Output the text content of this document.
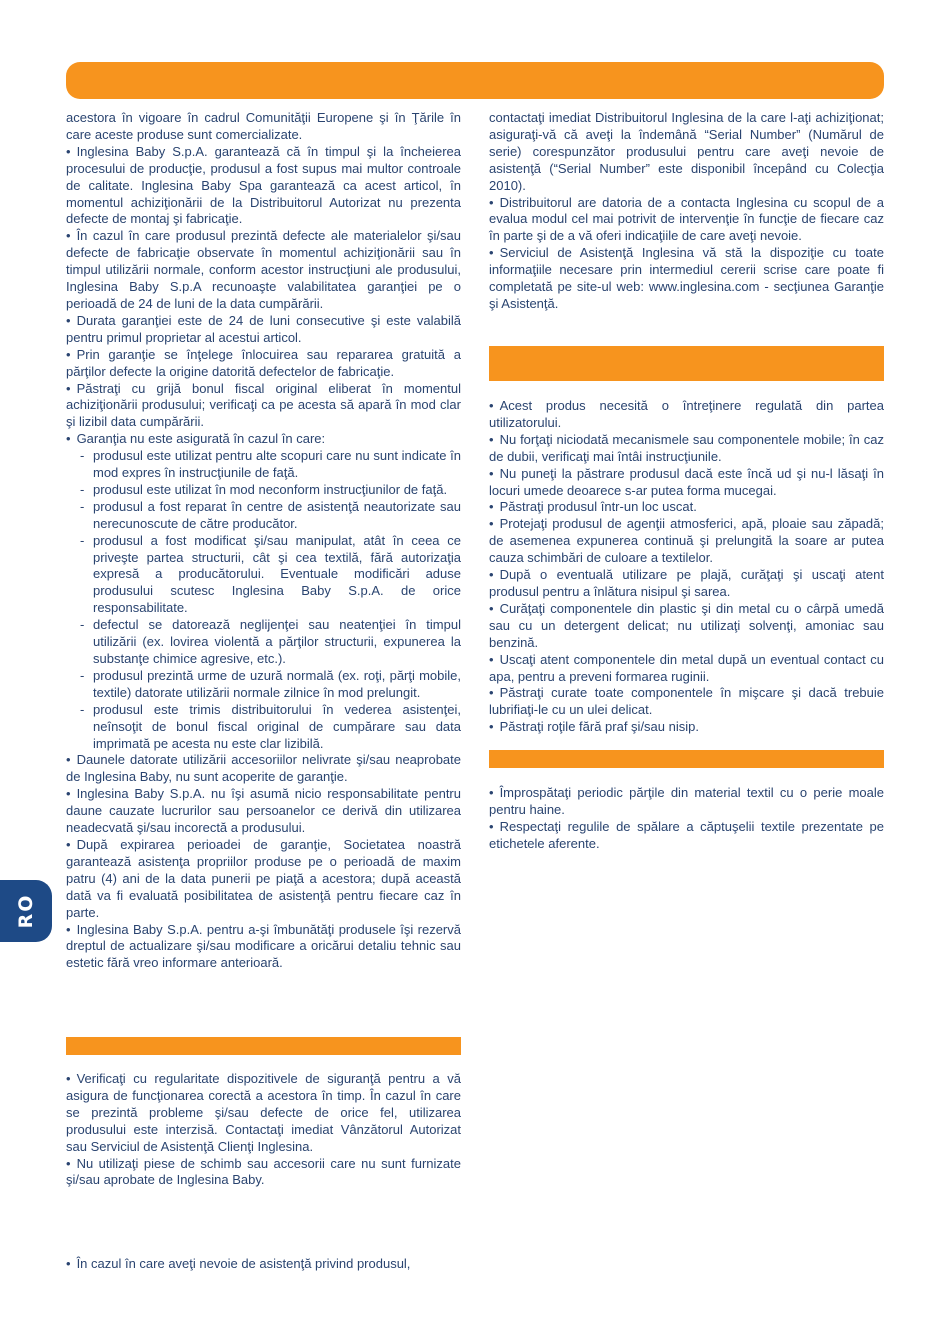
RO

acestora în vigoare în cadrul Comunităţii Europene şi în Ţările în care aceste produse sunt comercializate.

• Inglesina Baby S.p.A. garantează că în timpul şi la încheierea procesului de producţie, produsul a fost supus mai multor controale de calitate. Inglesina Baby Spa garantează ca acest articol, în momentul achiziţionării de la Distribuitorul Autorizat nu prezenta defecte de montaj şi fabricaţie.

• În cazul în care produsul prezintă defecte ale materialelor şi/sau defecte de fabricaţie observate în momentul achiziţionării sau în timpul utilizării normale, conform acestor instrucţiuni ale produsului, Inglesina Baby S.p.A recunoaşte valabilitatea garanţiei pe o perioadă de 24 de luni de la data cumpărării.

• Durata garanţiei este de 24 de luni consecutive şi este valabilă pentru primul proprietar al acestui articol.

• Prin garanţie se înţelege înlocuirea sau repararea gratuită a părţilor defecte la origine datorită defectelor de fabricaţie.

• Păstraţi cu grijă bonul fiscal original eliberat în momentul achiziţionării produsului; verificaţi ca pe acesta să apară în mod clar şi lizibil data cumpărării.

• Garanţia nu este asigurată în cazul în care:

- produsul este utilizat pentru alte scopuri care nu sunt indicate în mod expres în instrucţiunile de faţă.

- produsul este utilizat în mod neconform instrucţiunilor de faţă.

- produsul a fost reparat în centre de asistenţă neautorizate sau nerecunoscute de către producător.

- produsul a fost modificat şi/sau manipulat, atât în ceea ce priveşte partea structurii, cât şi cea textilă, fără autorizaţia expresă a producătorului. Eventuale modificări aduse produsului scutesc Inglesina Baby S.p.A. de orice responsabilitate.

- defectul se datorează neglijenţei sau neatenţiei în timpul utilizării (ex. lovirea violentă a părţilor structurii, expunerea la substanţe chimice agresive, etc.).

- produsul prezintă urme de uzură normală (ex. roţi, părţi mobile, textile) datorate utilizării normale zilnice în mod prelungit.

- produsul este trimis distribuitorului în vederea asistenţei, neînsoţit de bonul fiscal original de cumpărare sau data imprimată pe acesta nu este clar lizibilă.

• Daunele datorate utilizării accesoriilor nelivrate şi/sau neaprobate de Inglesina Baby, nu sunt acoperite de garanţie.

• Inglesina Baby S.p.A. nu îşi asumă nicio responsabilitate pentru daune cauzate lucrurilor sau persoanelor ce derivă din utilizarea neadecvată şi/sau incorectă a produsului.

• După expirarea perioadei de garanţie, Societatea noastră garantează asistenţa propriilor produse pe o perioadă de maxim patru (4) ani de la data punerii pe piaţă a acestora; după această dată va fi evaluată posibilitatea de asistenţă pentru fiecare caz în parte.

• Inglesina Baby S.p.A. pentru a-şi îmbunătăţi produsele îşi rezervă dreptul de actualizare şi/sau modificare a oricărui detaliu tehnic sau estetic fără vreo informare anterioară.

• Verificaţi cu regularitate dispozitivele de siguranţă pentru a vă asigura de funcţionarea corectă a acestora în timp. În cazul în care se prezintă probleme şi/sau defecte de orice fel, utilizarea produsului este interzisă. Contactaţi imediat Vânzătorul Autorizat sau Serviciul de Asistenţă Clienţi Inglesina.

• Nu utilizaţi piese de schimb sau accesorii care nu sunt furnizate şi/sau aprobate de Inglesina Baby.

• În cazul în care aveţi nevoie de asistenţă privind produsul,

contactaţi imediat Distribuitorul Inglesina de la care l-aţi achiziţionat; asiguraţi-vă că aveţi la îndemână “Serial Number” (Numărul de serie) corespunzător produsului pentru care aveţi nevoie de asistenţă (“Serial Number” este disponibil începând cu Colecţia 2010).

• Distribuitorul are datoria de a contacta Inglesina cu scopul de a evalua modul cel mai potrivit de intervenţie în funcţie de fiecare caz în parte şi de a vă oferi indicaţiile de care aveţi nevoie.

• Serviciul de Asistenţă Inglesina vă stă la dispoziţie cu toate informaţiile necesare prin intermediul cererii scrise care poate fi completată pe site-ul web: www.inglesina.com - secţiunea Garanţie şi Asistenţă.

• Acest produs necesită o întreţinere regulată din partea utilizatorului.

• Nu forţaţi niciodată mecanismele sau componentele mobile; în caz de dubii, verificaţi mai întâi instrucţiunile.

• Nu puneţi la păstrare produsul dacă este încă ud şi nu-l lăsaţi în locuri umede deoarece s-ar putea forma mucegai.

• Păstraţi produsul într-un loc uscat.

• Protejaţi produsul de agenţii atmosferici, apă, ploaie sau zăpadă; de asemenea expunerea continuă şi prelungită la soare ar putea cauza schimbări de culoare a textilelor.

• După o eventuală utilizare pe plajă, curăţaţi şi uscaţi atent produsul pentru a înlătura nisipul şi sarea.

• Curăţaţi componentele din plastic şi din metal cu o cârpă umedă sau cu un detergent delicat; nu utilizaţi solvenţi, amoniac sau benzină.

• Uscaţi atent componentele din metal după un eventual contact cu apa, pentru a preveni formarea ruginii.

• Păstraţi curate toate componentele în mişcare şi dacă trebuie lubrifiaţi-le cu un ulei delicat.

• Păstraţi roţile fără praf şi/sau nisip.

• Împrospătaţi periodic părţile din material textil cu o perie moale pentru haine.

• Respectaţi regulile de spălare a căptuşelii textile prezentate pe etichetele aferente.
